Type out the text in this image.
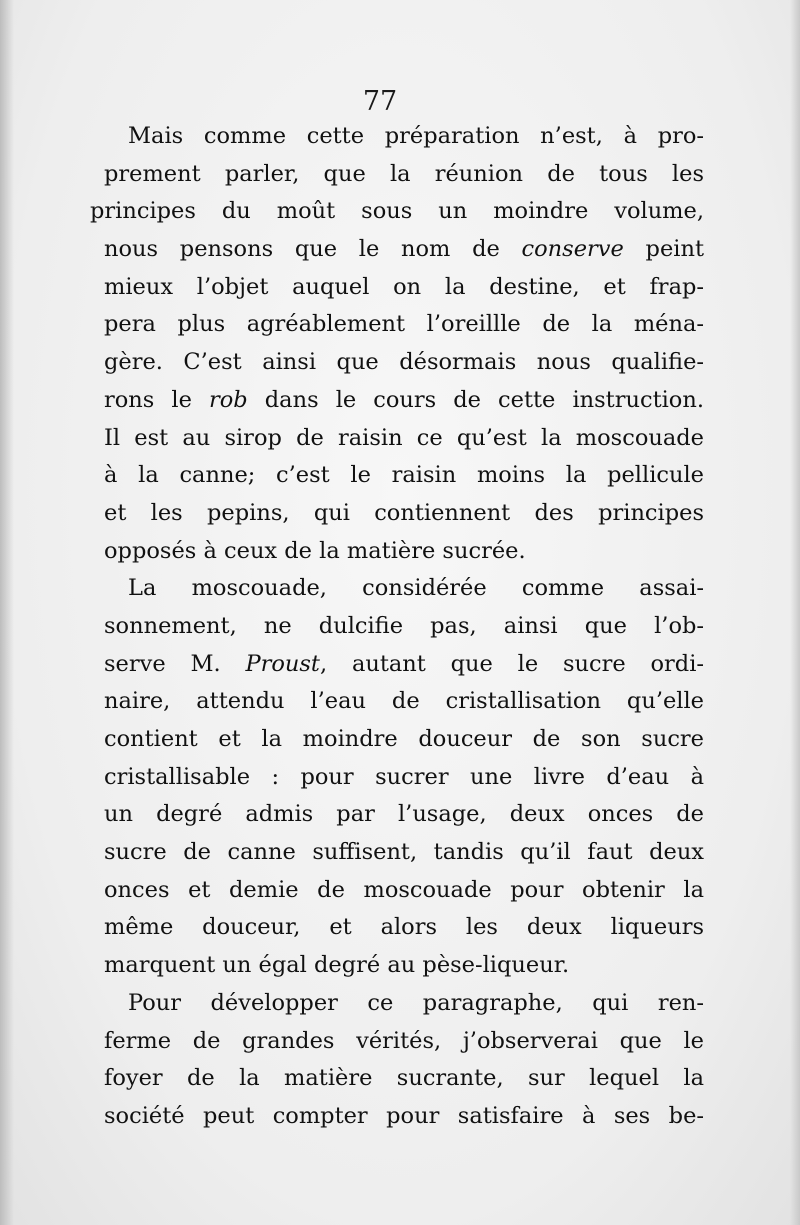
77
Mais comme cette préparation n’est, à pro-
prement parler, que la réunion de tous les
principes du moût sous un moindre volume,
nous pensons que le nom de conserve peint
mieux l’objet auquel on la destine, et frap-
pera plus agréablement l’oreillle de la ména-
gère. C’est ainsi que désormais nous qualifie-
rons le rob dans le cours de cette instruction.
Il est au sirop de raisin ce qu’est la moscouade
à la canne; c’est le raisin moins la pellicule
et les pepins, qui contiennent des principes
opposés à ceux de la matière sucrée.
La moscouade, considérée comme assai-
sonnement, ne dulcifie pas, ainsi que l’ob-
serve M. Proust, autant que le sucre ordi-
naire, attendu l’eau de cristallisation qu’elle
contient et la moindre douceur de son sucre
cristallisable : pour sucrer une livre d’eau à
un degré admis par l’usage, deux onces de
sucre de canne suffisent, tandis qu’il faut deux
onces et demie de moscouade pour obtenir la
même douceur, et alors les deux liqueurs
marquent un égal degré au pèse-liqueur.
Pour développer ce paragraphe, qui ren-
ferme de grandes vérités, j’observerai que le
foyer de la matière sucrante, sur lequel la
société peut compter pour satisfaire à ses be-
